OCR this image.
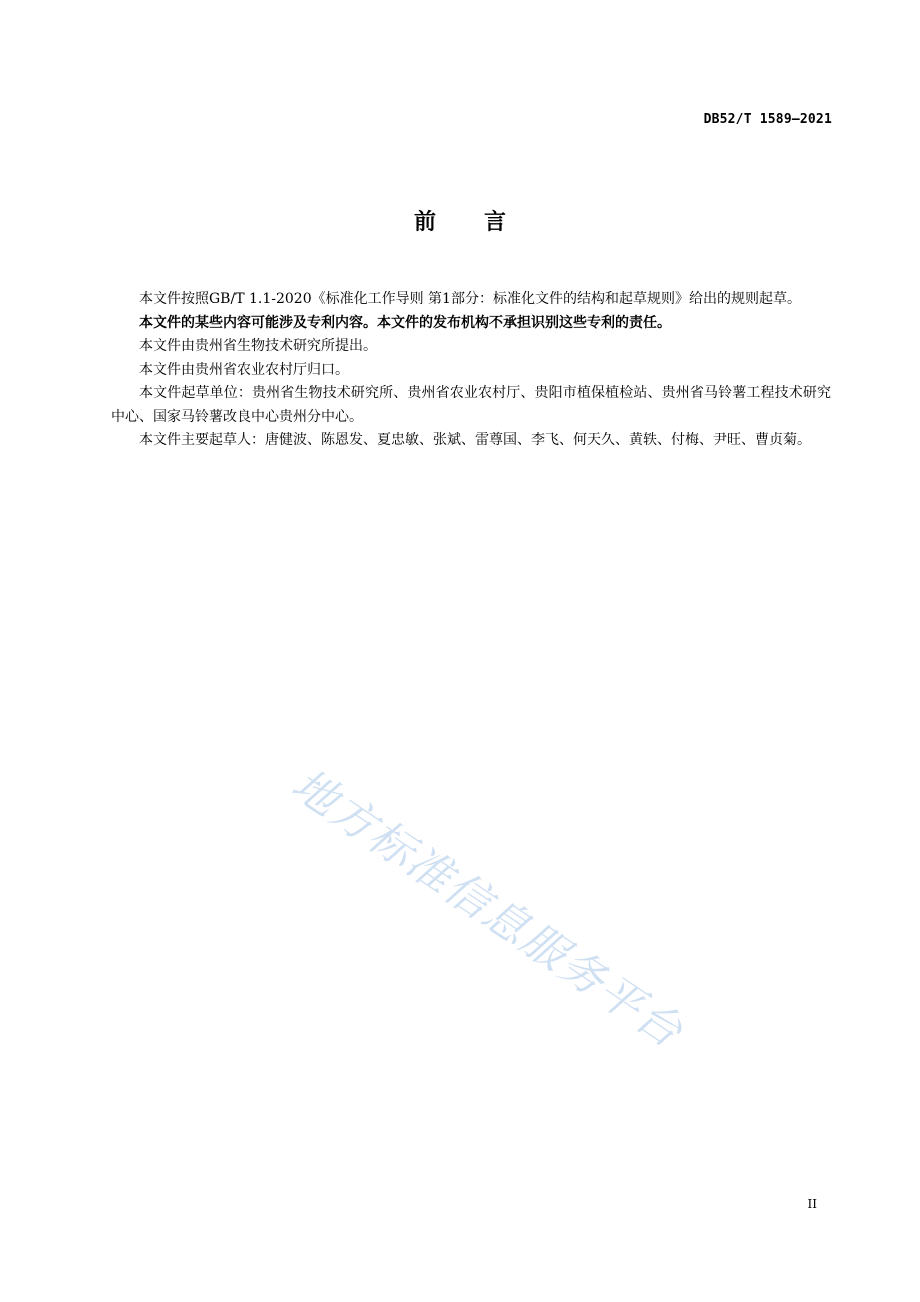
DB52/T 1589—2021
前言

本文件按照GB/T 1.1-2020《标准化工作导则 第1部分：标准化文件的结构和起草规则》给出的规则起草。

本文件的某些内容可能涉及专利内容。本文件的发布机构不承担识别这些专利的责任。

本文件由贵州省生物技术研究所提出。

本文件由贵州省农业农村厅归口。

本文件起草单位：贵州省生物技术研究所、贵州省农业农村厅、贵阳市植保植检站、贵州省马铃薯工程技术研究中心、国家马铃薯改良中心贵州分中心。

本文件主要起草人：唐健波、陈恩发、夏忠敏、张斌、雷尊国、李飞、何天久、黄轶、付梅、尹旺、曹贞菊。

地方标准信息服务平台
II
